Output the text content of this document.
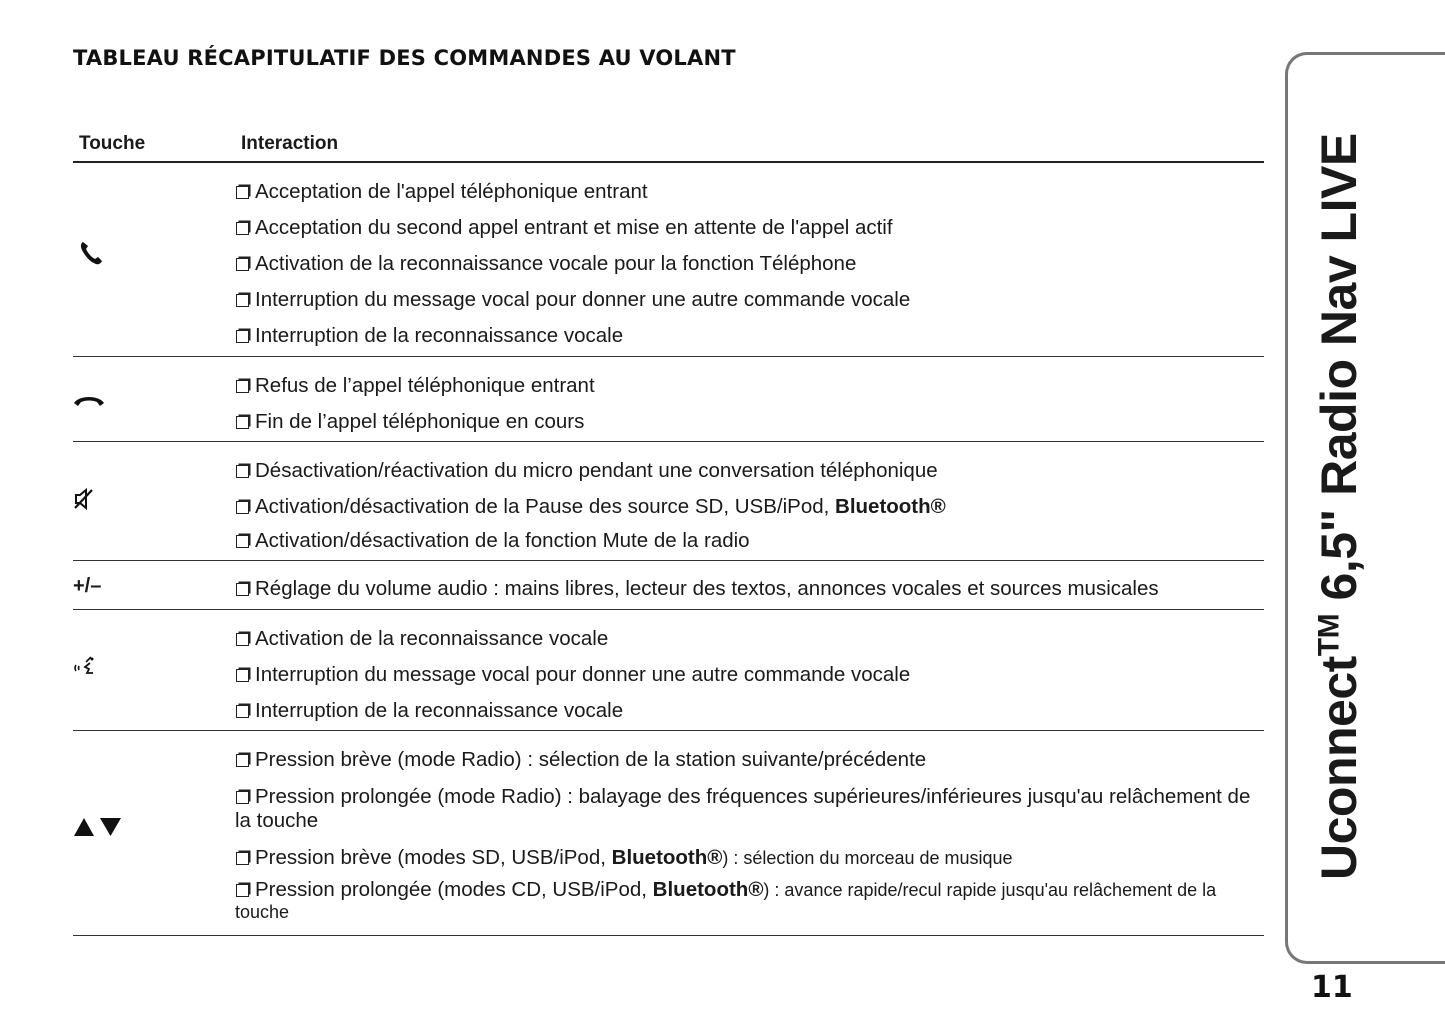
TABLEAU RÉCAPITULATIF DES COMMANDES AU VOLANT
Touche	Interaction
Acceptation de l'appel téléphonique entrant
Acceptation du second appel entrant et mise en attente de l'appel actif
Activation de la reconnaissance vocale pour la fonction Téléphone
Interruption du message vocal pour donner une autre commande vocale
Interruption de la reconnaissance vocale
Refus de l’appel téléphonique entrant
Fin de l’appel téléphonique en cours
Désactivation/réactivation du micro pendant une conversation téléphonique
Activation/désactivation de la Pause des source SD, USB/iPod, Bluetooth®
Activation/désactivation de la fonction Mute de la radio
+/–	Réglage du volume audio : mains libres, lecteur des textos, annonces vocales et sources musicales
Activation de la reconnaissance vocale
Interruption du message vocal pour donner une autre commande vocale
Interruption de la reconnaissance vocale
Pression brève (mode Radio) : sélection de la station suivante/précédente
Pression prolongée (mode Radio) : balayage des fréquences supérieures/inférieures jusqu'au relâchement de la touche
Pression brève (modes SD, USB/iPod, Bluetooth®) : sélection du morceau de musique
Pression prolongée (modes CD, USB/iPod, Bluetooth®) : avance rapide/recul rapide jusqu'au relâchement de la touche
Uconnect™ 6,5" Radio Nav LIVE
11
